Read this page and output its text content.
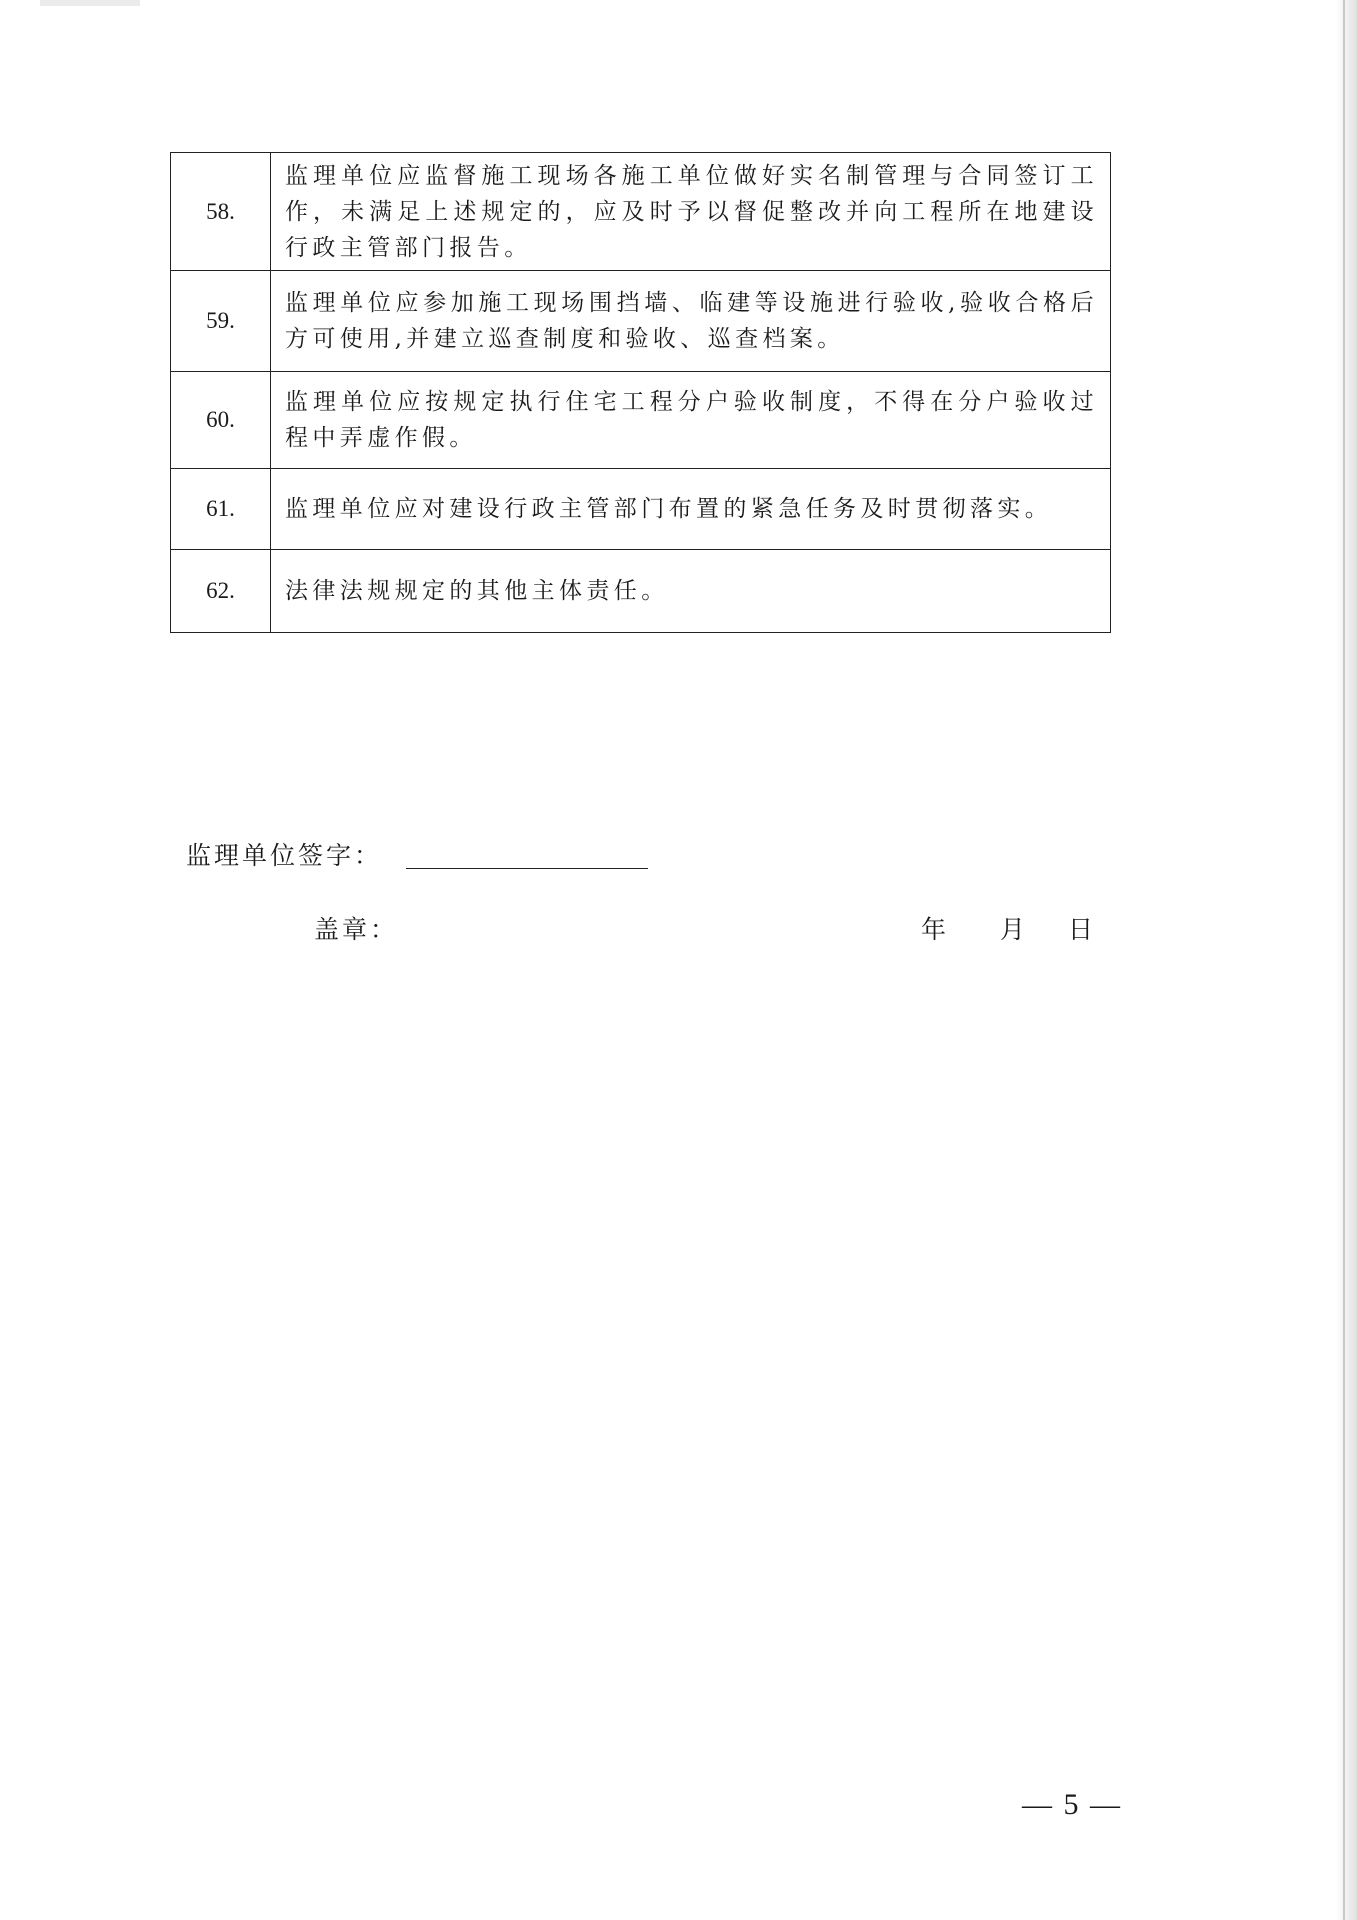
58.	监理单位应监督施工现场各施工单位做好实名制管理与合同签订工作，未满足上述规定的，应及时予以督促整改并向工程所在地建设行政主管部门报告。
59.	监理单位应参加施工现场围挡墙、临建等设施进行验收,验收合格后方可使用,并建立巡查制度和验收、巡查档案。
60.	监理单位应按规定执行住宅工程分户验收制度，不得在分户验收过程中弄虚作假。
61.	监理单位应对建设行政主管部门布置的紧急任务及时贯彻落实。
62.	法律法规规定的其他主体责任。
监理单位签字：
盖章：	年 月 日
— 5 —
